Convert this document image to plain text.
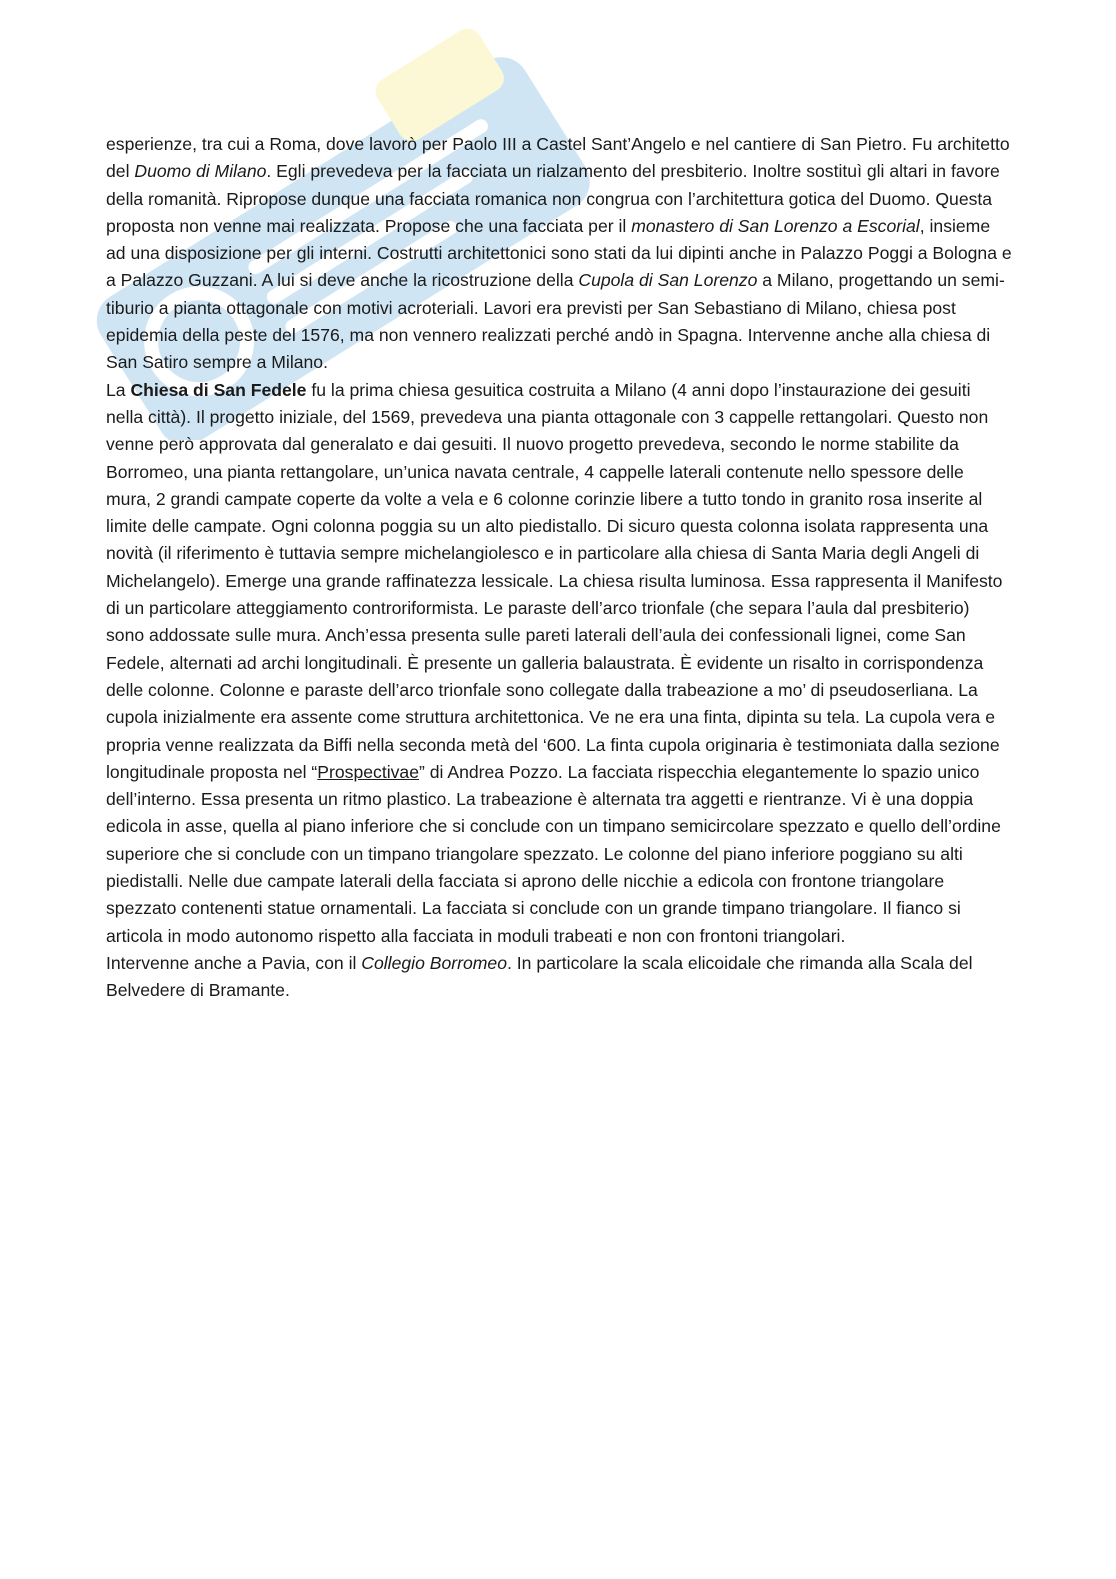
esperienze, tra cui a Roma, dove lavorò per Paolo III a Castel Sant’Angelo e nel cantiere di San Pietro. Fu architetto del Duomo di Milano. Egli prevedeva per la facciata un rialzamento del presbiterio. Inoltre sostituì gli altari in favore della romanità. Ripropose dunque una facciata romanica non congrua con l’architettura gotica del Duomo. Questa proposta non venne mai realizzata. Propose che una facciata per il monastero di San Lorenzo a Escorial, insieme ad una disposizione per gli interni. Costrutti architettonici sono stati da lui dipinti anche in Palazzo Poggi a Bologna e a Palazzo Guzzani. A lui si deve anche la ricostruzione della Cupola di San Lorenzo a Milano, progettando un semi-tiburio a pianta ottagonale con motivi acroteriali. Lavori era previsti per San Sebastiano di Milano, chiesa post epidemia della peste del 1576, ma non vennero realizzati perché andò in Spagna. Intervenne anche alla chiesa di San Satiro sempre a Milano.

La Chiesa di San Fedele fu la prima chiesa gesuitica costruita a Milano (4 anni dopo l’instaurazione dei gesuiti nella città). Il progetto iniziale, del 1569, prevedeva una pianta ottagonale con 3 cappelle rettangolari. Questo non venne però approvata dal generalato e dai gesuiti. Il nuovo progetto prevedeva, secondo le norme stabilite da Borromeo, una pianta rettangolare, un’unica navata centrale, 4 cappelle laterali contenute nello spessore delle mura, 2 grandi campate coperte da volte a vela e 6 colonne corinzie libere a tutto tondo in granito rosa inserite al limite delle campate. Ogni colonna poggia su un alto piedistallo. Di sicuro questa colonna isolata rappresenta una novità (il riferimento è tuttavia sempre michelangiolesco e in particolare alla chiesa di Santa Maria degli Angeli di Michelangelo). Emerge una grande raffinatezza lessicale. La chiesa risulta luminosa. Essa rappresenta il Manifesto di un particolare atteggiamento controriformista. Le paraste dell’arco trionfale (che separa l’aula dal presbiterio) sono addossate sulle mura. Anch’essa presenta sulle pareti laterali dell’aula dei confessionali lignei, come San Fedele, alternati ad archi longitudinali. È presente un galleria balaustrata. È evidente un risalto in corrispondenza delle colonne. Colonne e paraste dell’arco trionfale sono collegate dalla trabeazione a mo’ di pseudoserliana. La cupola inizialmente era assente come struttura architettonica. Ve ne era una finta, dipinta su tela. La cupola vera e propria venne realizzata da Biffi nella seconda metà del ‘600. La finta cupola originaria è testimoniata dalla sezione longitudinale proposta nel “Prospectivae” di Andrea Pozzo. La facciata rispecchia elegantemente lo spazio unico dell’interno. Essa presenta un ritmo plastico. La trabeazione è alternata tra aggetti e rientranze. Vi è una doppia edicola in asse, quella al piano inferiore che si conclude con un timpano semicircolare spezzato e quello dell’ordine superiore che si conclude con un timpano triangolare spezzato. Le colonne del piano inferiore poggiano su alti piedistalli. Nelle due campate laterali della facciata si aprono delle nicchie a edicola con frontone triangolare spezzato contenenti statue ornamentali. La facciata si conclude con un grande timpano triangolare. Il fianco si articola in modo autonomo rispetto alla facciata in moduli trabeati e non con frontoni triangolari.

Intervenne anche a Pavia, con il Collegio Borromeo. In particolare la scala elicoidale che rimanda alla Scala del Belvedere di Bramante.
